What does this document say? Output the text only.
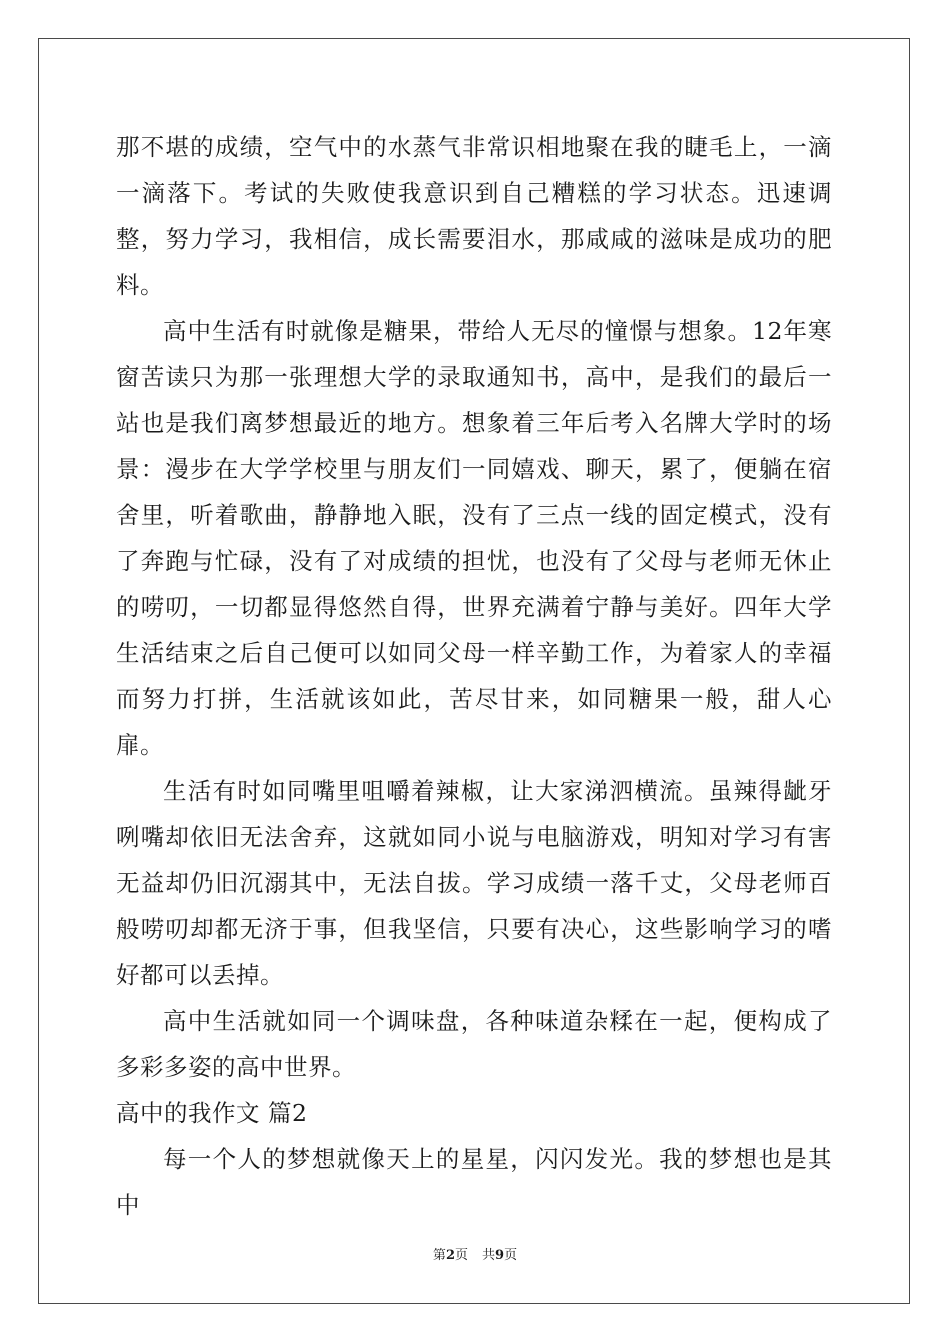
那不堪的成绩，空气中的水蒸气非常识相地聚在我的睫毛上，一滴一滴落下。考试的失败使我意识到自己糟糕的学习状态。迅速调整，努力学习，我相信，成长需要泪水，那咸咸的滋味是成功的肥料。

高中生活有时就像是糖果，带给人无尽的憧憬与想象。12年寒窗苦读只为那一张理想大学的录取通知书，高中，是我们的最后一站也是我们离梦想最近的地方。想象着三年后考入名牌大学时的场景：漫步在大学学校里与朋友们一同嬉戏、聊天，累了，便躺在宿舍里，听着歌曲，静静地入眠，没有了三点一线的固定模式，没有了奔跑与忙碌，没有了对成绩的担忧，也没有了父母与老师无休止的唠叨，一切都显得悠然自得，世界充满着宁静与美好。四年大学生活结束之后自己便可以如同父母一样辛勤工作，为着家人的幸福而努力打拼，生活就该如此，苦尽甘来，如同糖果一般，甜人心扉。

生活有时如同嘴里咀嚼着辣椒，让大家涕泗横流。虽辣得龇牙咧嘴却依旧无法舍弃，这就如同小说与电脑游戏，明知对学习有害无益却仍旧沉溺其中，无法自拔。学习成绩一落千丈，父母老师百般唠叨却都无济于事，但我坚信，只要有决心，这些影响学习的嗜好都可以丢掉。

高中生活就如同一个调味盘，各种味道杂糅在一起，便构成了多彩多姿的高中世界。

高中的我作文 篇2

每一个人的梦想就像天上的星星，闪闪发光。我的梦想也是其中

第2页 共9页
